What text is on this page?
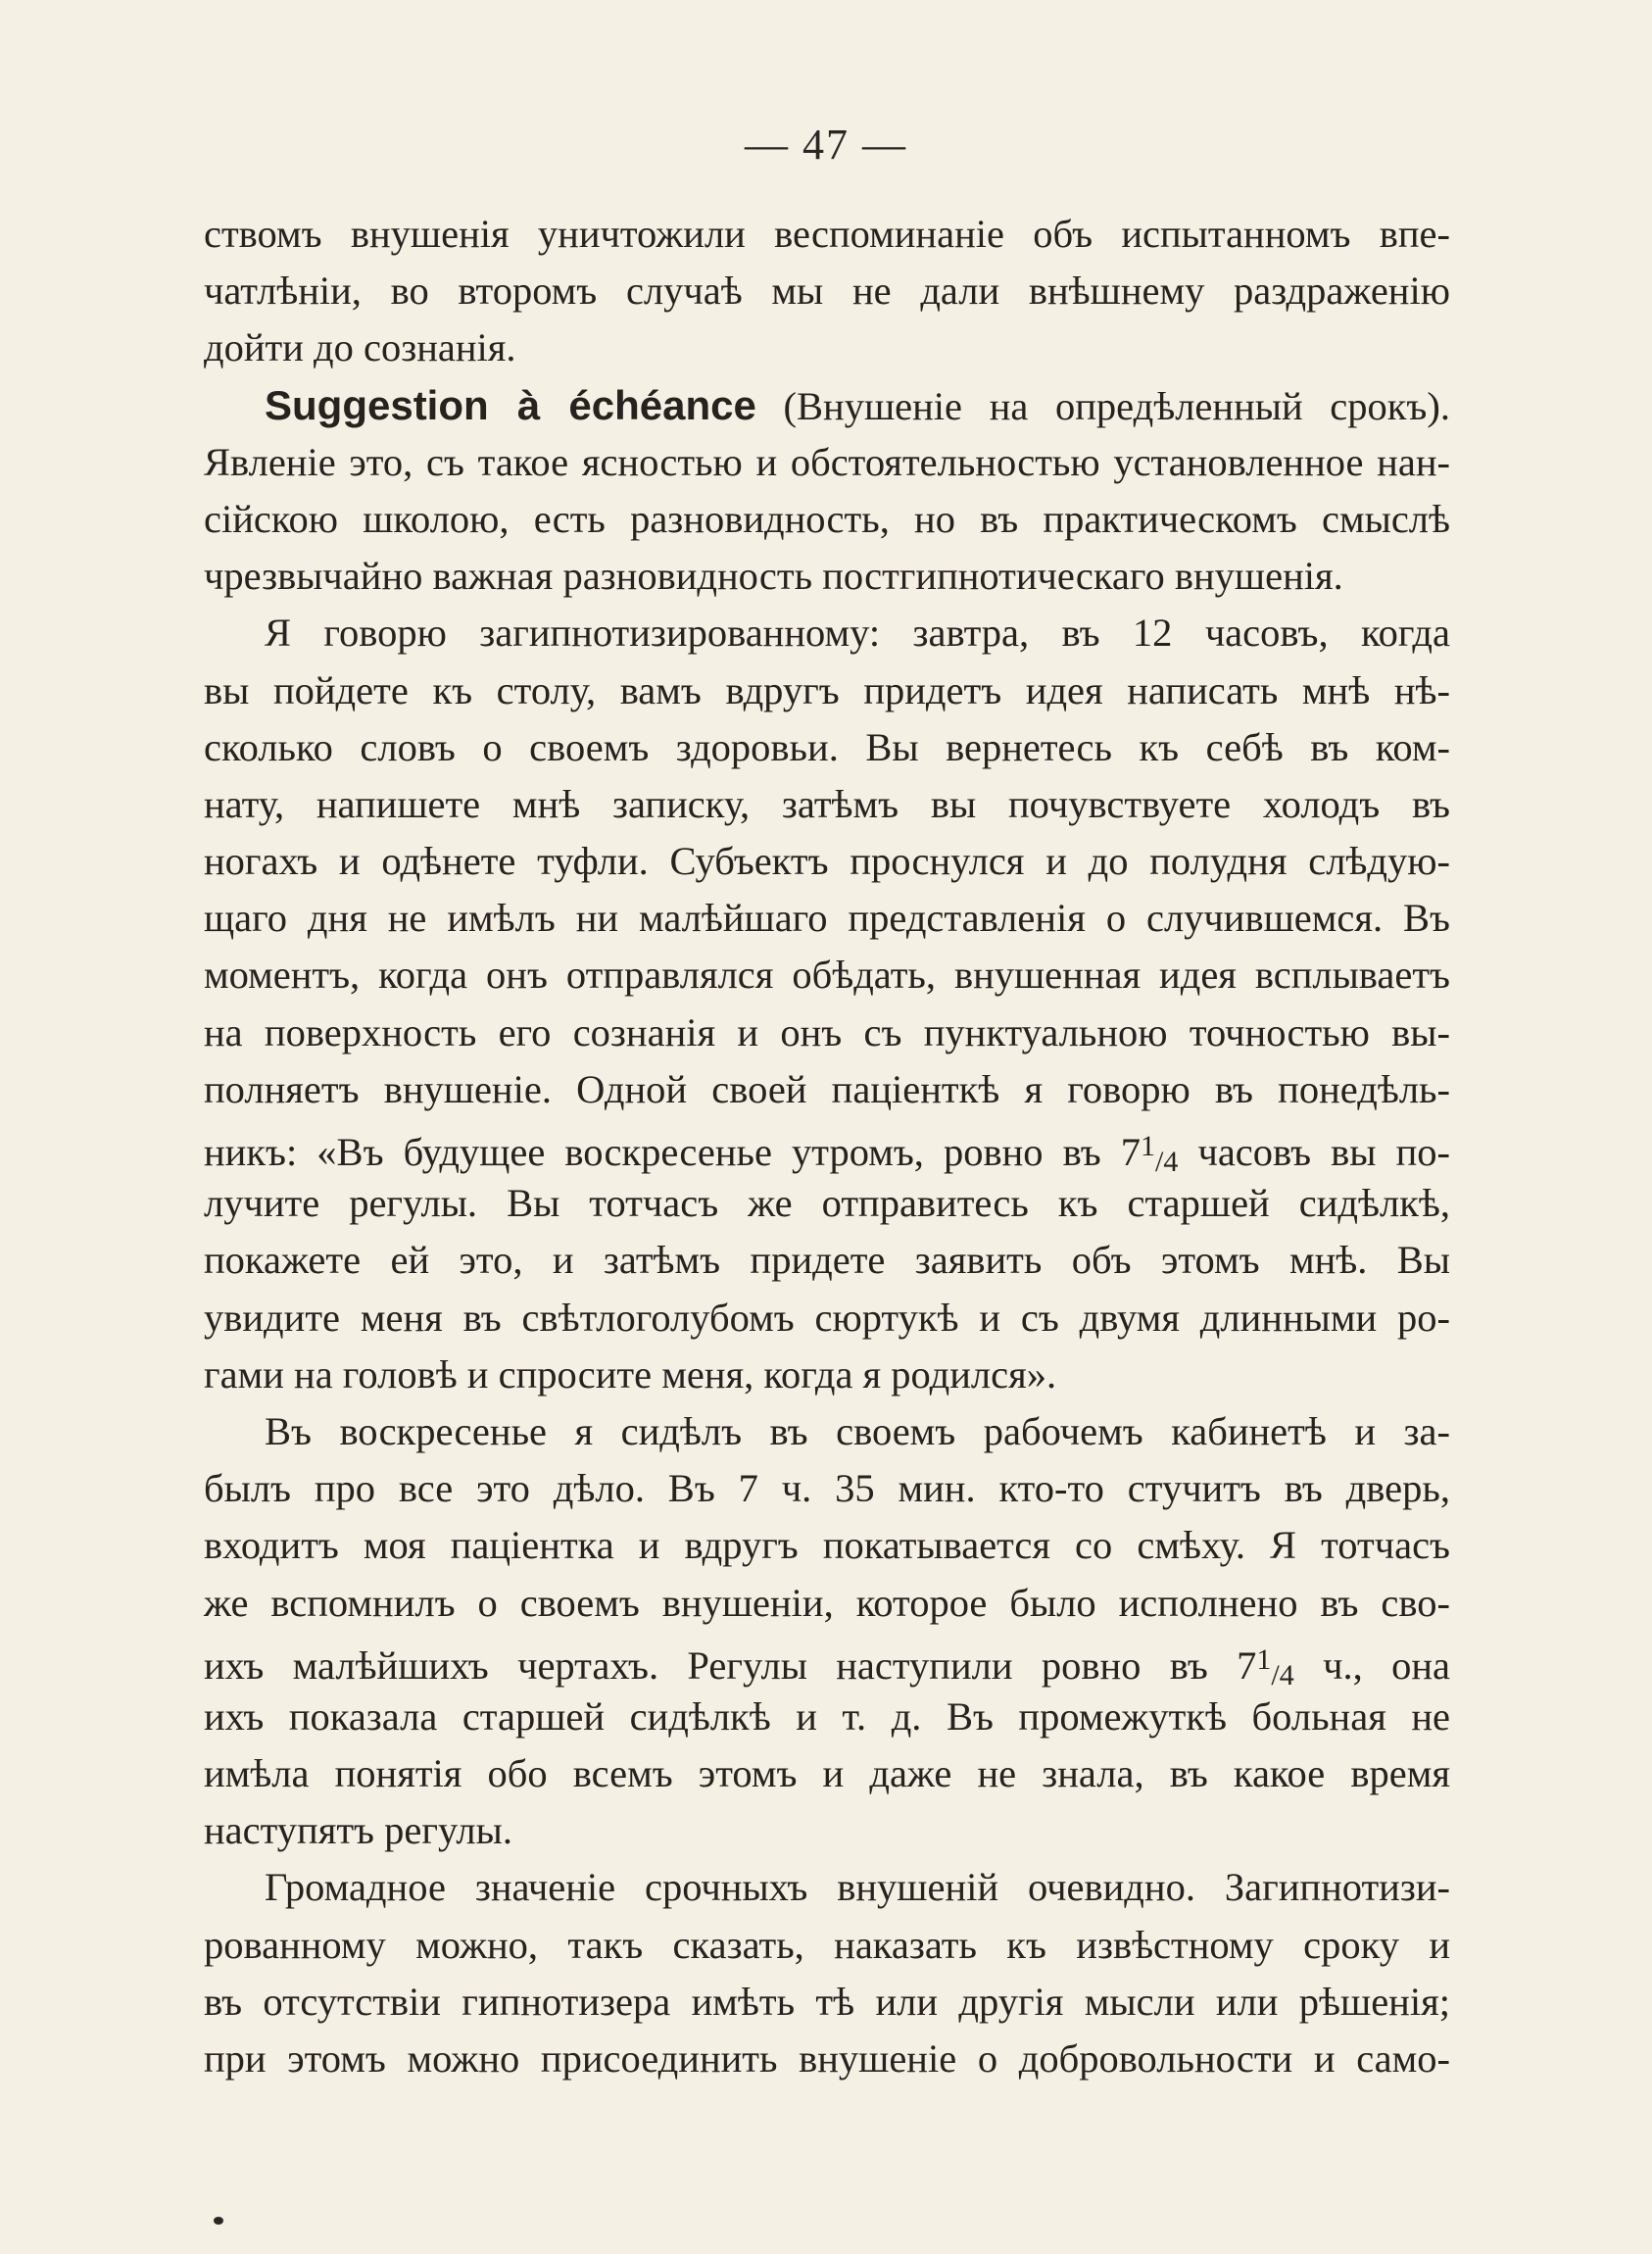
— 47 —
ствомъ внушенія уничтожили веспоминаніе объ испытанномъ впе-
чатлѣніи, во второмъ случаѣ мы не дали внѣшнему раздраженію
дойти до сознанія.
Suggestion à échéance (Внушеніе на опредѣленный срокъ).
Явленіе это, съ такое ясностью и обстоятельностью установленное нан-
сійскою школою, есть разновидность, но въ практическомъ смыслѣ
чрезвычайно важная разновидность постгипнотическаго внушенія.
Я говорю загипнотизированному: завтра, въ 12 часовъ, когда
вы пойдете къ столу, вамъ вдругъ придетъ идея написать мнѣ нѣ-
сколько словъ о своемъ здоровьи. Вы вернетесь къ себѣ въ ком-
нату, напишете мнѣ записку, затѣмъ вы почувствуете холодъ въ
ногахъ и одѣнете туфли. Субъектъ проснулся и до полудня слѣдую-
щаго дня не имѣлъ ни малѣйшаго представленія о случившемся. Въ
моментъ, когда онъ отправлялся обѣдать, внушенная идея всплываетъ
на поверхность его сознанія и онъ съ пунктуальною точностью вы-
полняетъ внушеніе. Одной своей паціенткѣ я говорю въ понедѣль-
никъ: «Въ будущее воскресенье утромъ, ровно въ $7^1/4$ часовъ вы по-
лучите регулы. Вы тотчасъ же отправитесь къ старшей сидѣлкѣ,
покажете ей это, и затѣмъ придете заявить объ этомъ мнѣ. Вы
увидите меня въ свѣтлоголубомъ сюртукѣ и съ двумя длинными ро-
гами на головѣ и спросите меня, когда я родился».
Въ воскресенье я сидѣлъ въ своемъ рабочемъ кабинетѣ и за-
былъ про все это дѣло. Въ 7 ч. 35 мин. кто-то стучитъ въ дверь,
входитъ моя паціентка и вдругъ покатывается со смѣху. Я тотчасъ
же вспомнилъ о своемъ внушеніи, которое было исполнено въ сво-
ихъ малѣйшихъ чертахъ. Регулы наступили ровно въ $7^1/4$ ч., она
ихъ показала старшей сидѣлкѣ и т. д. Въ промежуткѣ больная не
имѣла понятія обо всемъ этомъ и даже не знала, въ какое время
наступятъ регулы.
Громадное значеніе срочныхъ внушеній очевидно. Загипнотизи-
рованному можно, такъ сказать, наказать къ извѣстному сроку и
въ отсутствіи гипнотизера имѣть тѣ или другія мысли или рѣшенія;
при этомъ можно присоединить внушеніе о добровольности и само-
